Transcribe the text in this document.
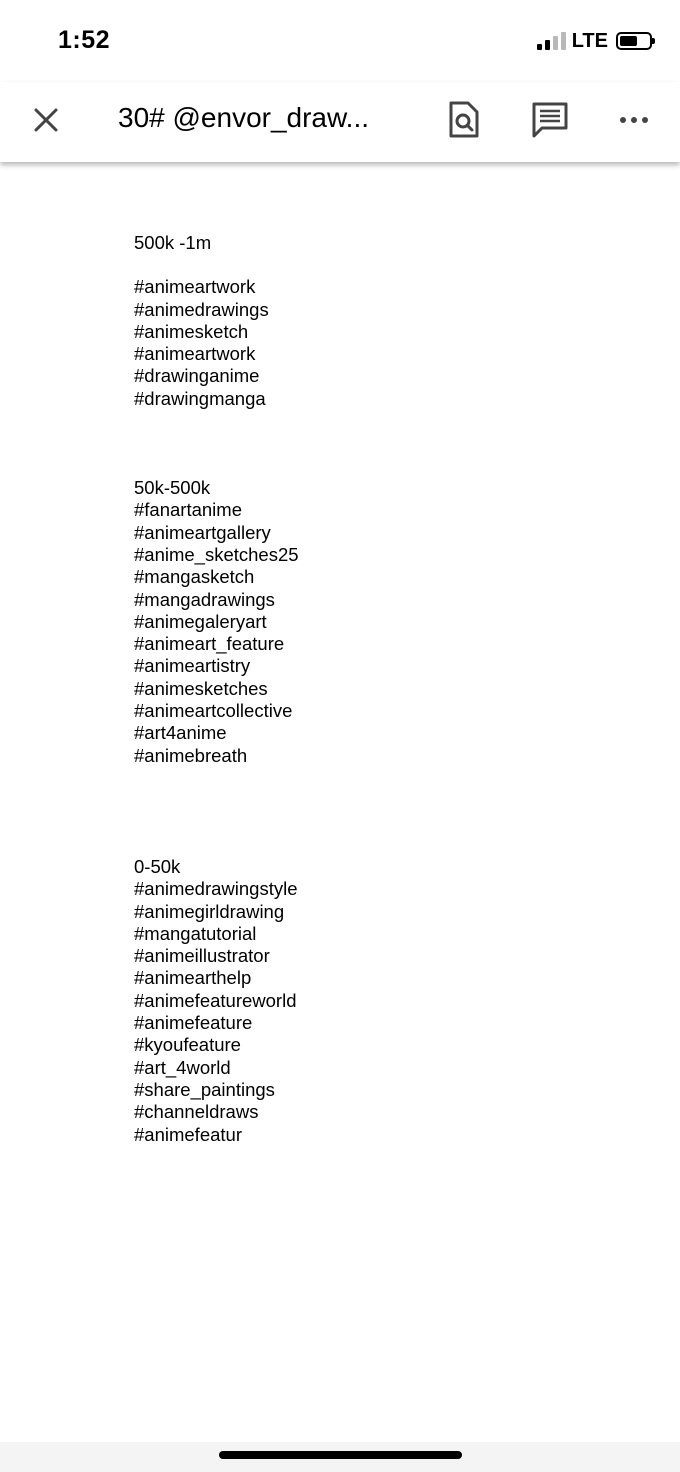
1:52	LTE
30# @envor_draw...
500k -1m
#animeartwork
#animedrawings
#animesketch
#animeartwork
#drawinganime
#drawingmanga
50k-500k
#fanartanime
#animeartgallery
#anime_sketches25
#mangasketch
#mangadrawings
#animegaleryart
#animeart_feature
#animeartistry
#animesketches
#animeartcollective
#art4anime
#animebreath
0-50k
#animedrawingstyle
#animegirldrawing
#mangatutorial
#animeillustrator
#animearthelp
#animefeatureworld
#animefeature
#kyoufeature
#art_4world
#share_paintings
#channeldraws
#animefeatur
